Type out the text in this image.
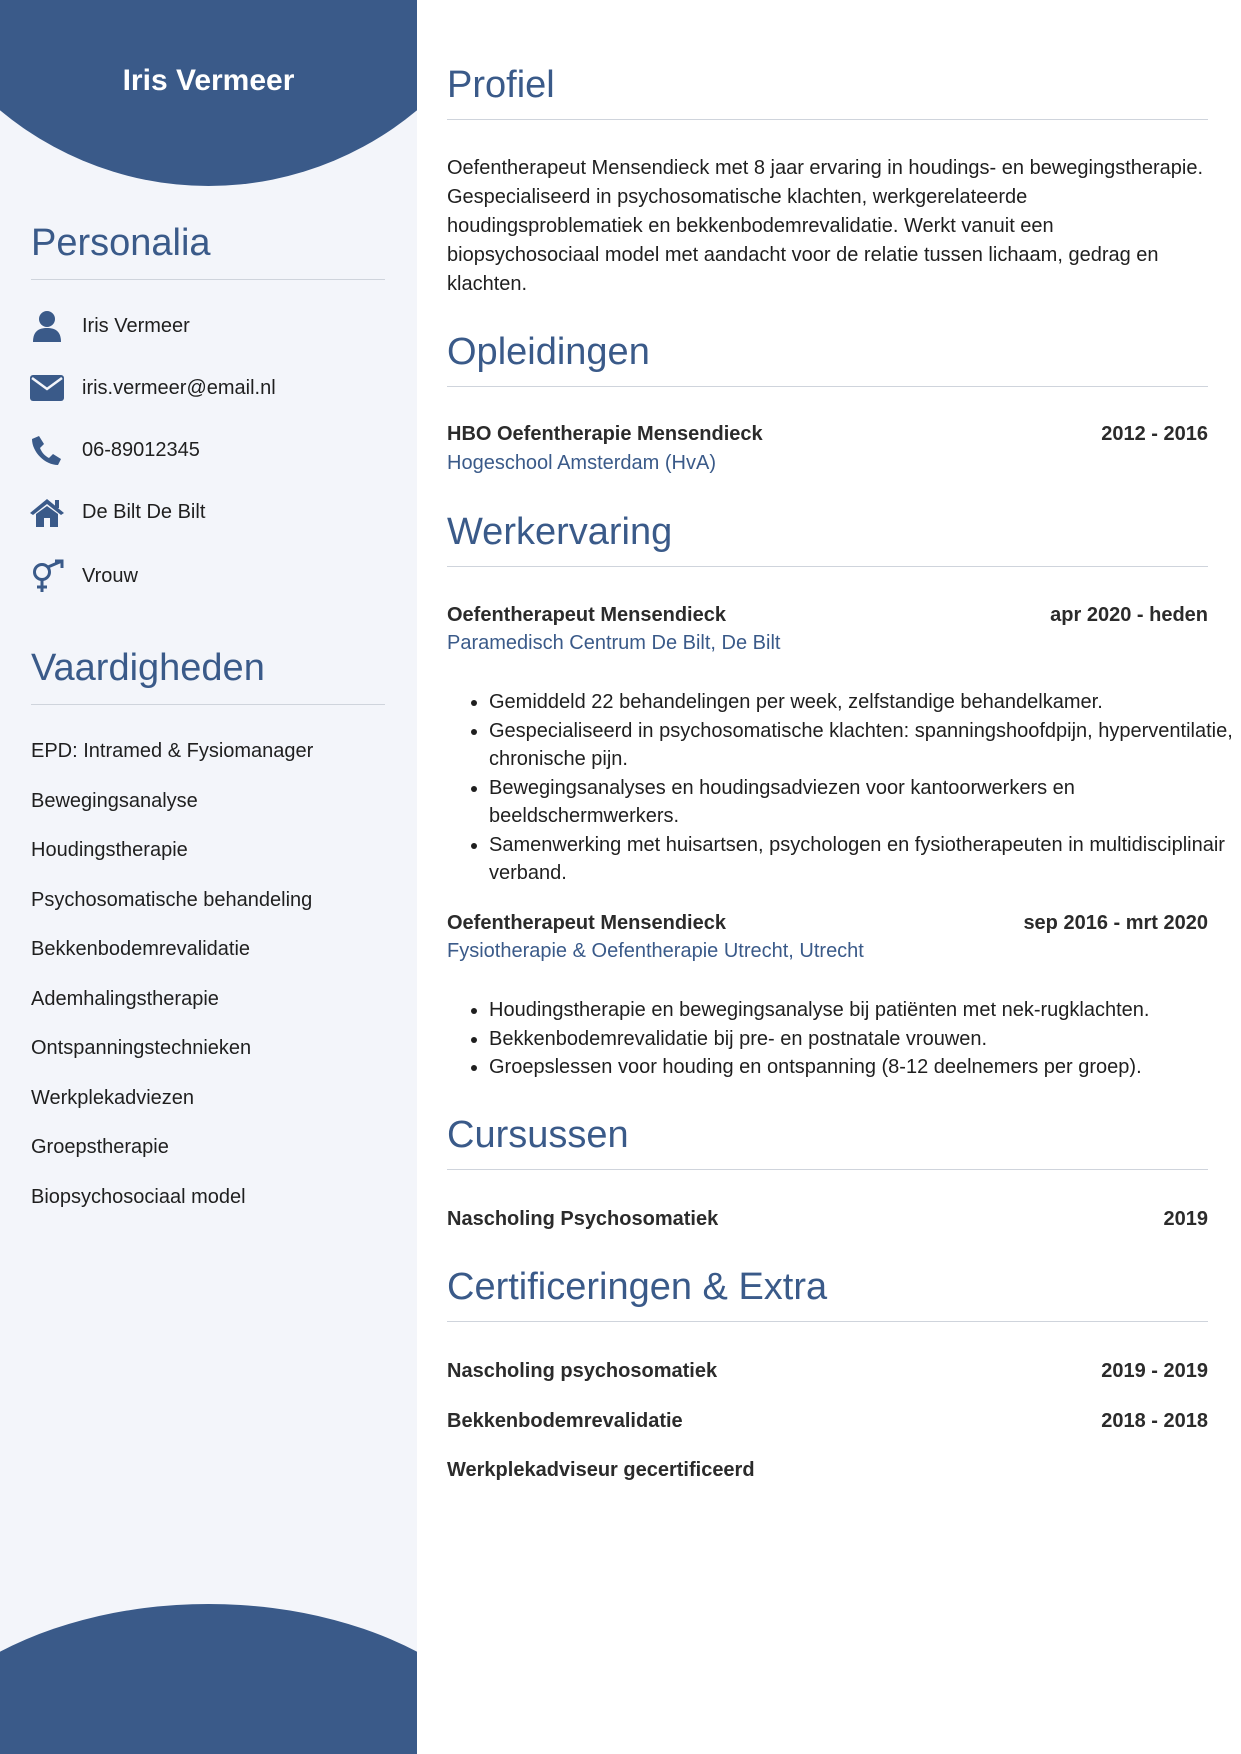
Iris Vermeer
Personalia
Iris Vermeer
iris.vermeer@email.nl
06-89012345
De Bilt De Bilt
Vrouw
Vaardigheden
EPD: Intramed & Fysiomanager
Bewegingsanalyse
Houdingstherapie
Psychosomatische behandeling
Bekkenbodemrevalidatie
Ademhalingstherapie
Ontspanningstechnieken
Werkplekadviezen
Groepstherapie
Biopsychosociaal model
Profiel
Oefentherapeut Mensendieck met 8 jaar ervaring in houdings- en bewegingstherapie. Gespecialiseerd in psychosomatische klachten, werkgerelateerde houdingsproblematiek en bekkenbodemrevalidatie. Werkt vanuit een biopsychosociaal model met aandacht voor de relatie tussen lichaam, gedrag en klachten.
Opleidingen
HBO Oefentherapie Mensendieck	2012 - 2016
Hogeschool Amsterdam (HvA)
Werkervaring
Oefentherapeut Mensendieck	apr 2020 - heden
Paramedisch Centrum De Bilt, De Bilt
• Gemiddeld 22 behandelingen per week, zelfstandige behandelkamer.
• Gespecialiseerd in psychosomatische klachten: spanningshoofdpijn, hyperventilatie, chronische pijn.
• Bewegingsanalyses en houdingsadviezen voor kantoorwerkers en beeldschermwerkers.
• Samenwerking met huisartsen, psychologen en fysiotherapeuten in multidisciplinair verband.
Oefentherapeut Mensendieck	sep 2016 - mrt 2020
Fysiotherapie & Oefentherapie Utrecht, Utrecht
• Houdingstherapie en bewegingsanalyse bij patiënten met nek-rugklachten.
• Bekkenbodemrevalidatie bij pre- en postnatale vrouwen.
• Groepslessen voor houding en ontspanning (8-12 deelnemers per groep).
Cursussen
Nascholing Psychosomatiek	2019
Certificeringen & Extra
Nascholing psychosomatiek	2019 - 2019
Bekkenbodemrevalidatie	2018 - 2018
Werkplekadviseur gecertificeerd
